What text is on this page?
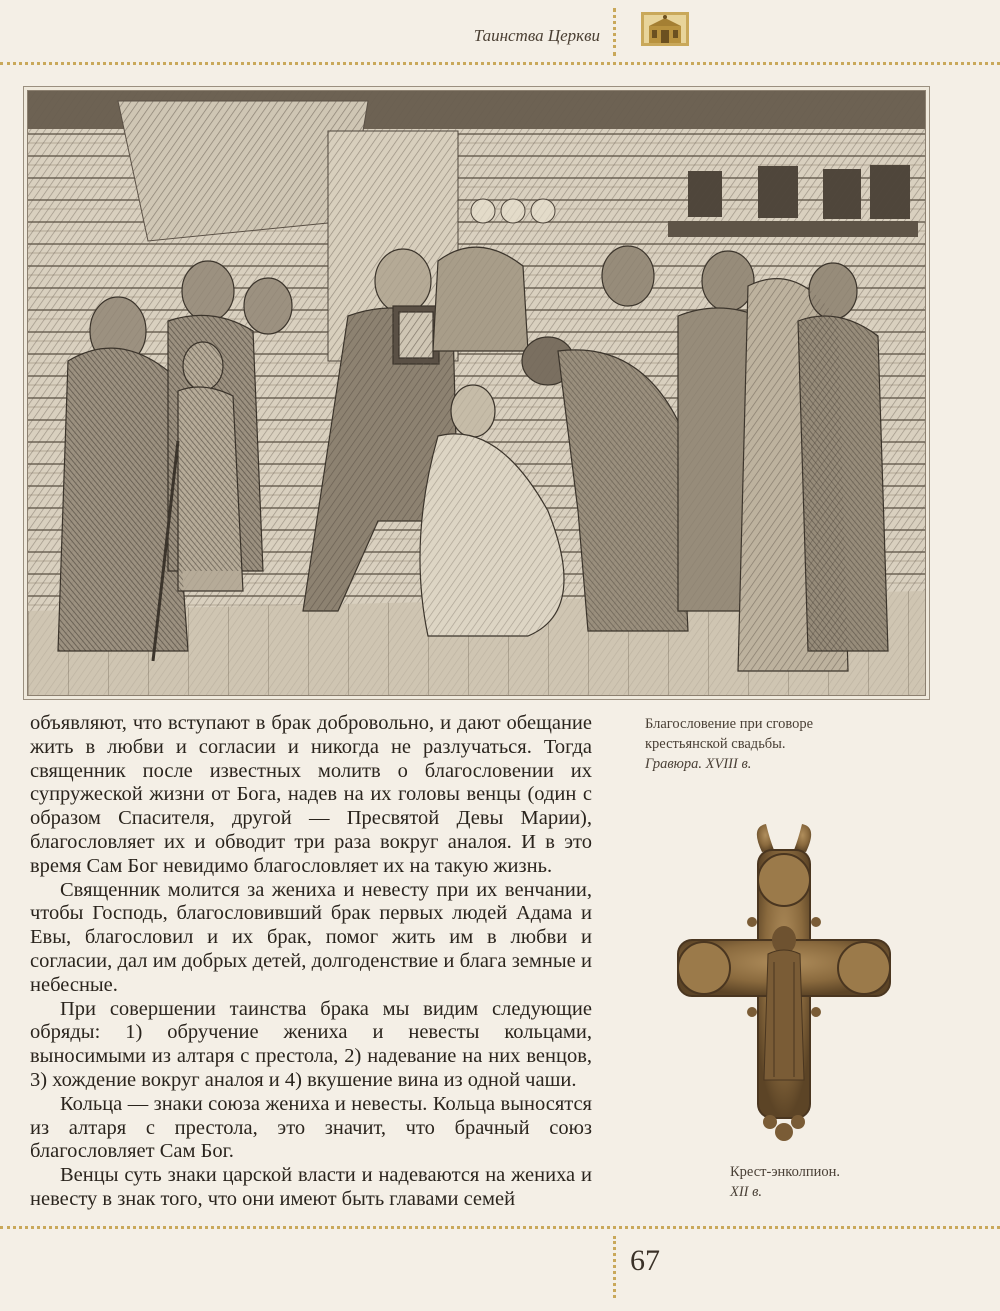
Таинства Церкви
Благословение при сговоре
крестьянской свадьбы.
Гравюра. XVIII в.

объявляют, что вступают в брак добровольно, и дают обещание жить в любви и согласии и никогда не разлучаться. Тогда священник после известных молитв о благословении их супружеской жизни от Бога, надев на их головы венцы (один с образом Спасителя, другой — Пресвятой Девы Марии), благословляет их и обводит три раза вокруг аналоя. И в это время Сам Бог невидимо благословляет их на такую жизнь.

Священник молится за жениха и невесту при их венчании, чтобы Господь, благословивший брак первых людей Адама и Евы, благословил и их брак, помог жить им в любви и согласии, дал им добрых детей, долгоденствие и блага земные и небесные.

При совершении таинства брака мы видим следующие обряды: 1) обручение жениха и невесты кольцами, выносимыми из алтаря с престола, 2) надевание на них венцов, 3) хождение вокруг аналоя и 4) вкушение вина из одной чаши.

Кольца — знаки союза жениха и невесты. Кольца выносятся из алтаря с престола, это значит, что брачный союз благословляет Сам Бог.

Венцы суть знаки царской власти и надеваются на жениха и невесту в знак того, что они имеют быть главами семей

Крест-энколпион.
XII в.
67
